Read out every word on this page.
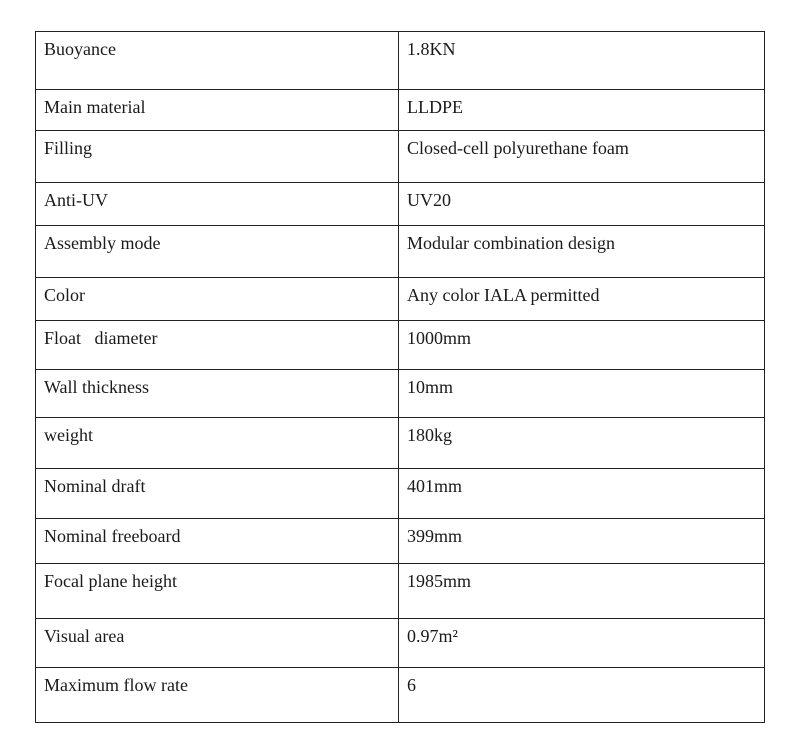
Buoyance	1.8KN
Main material	LLDPE
Filling	Closed-cell polyurethane foam
Anti-UV	UV20
Assembly mode	Modular combination design
Color	Any color IALA permitted
Float   diameter	1000mm
Wall thickness	10mm
weight	180kg
Nominal draft	401mm
Nominal freeboard	399mm
Focal plane height	1985mm
Visual area	0.97m²
Maximum flow rate	6
